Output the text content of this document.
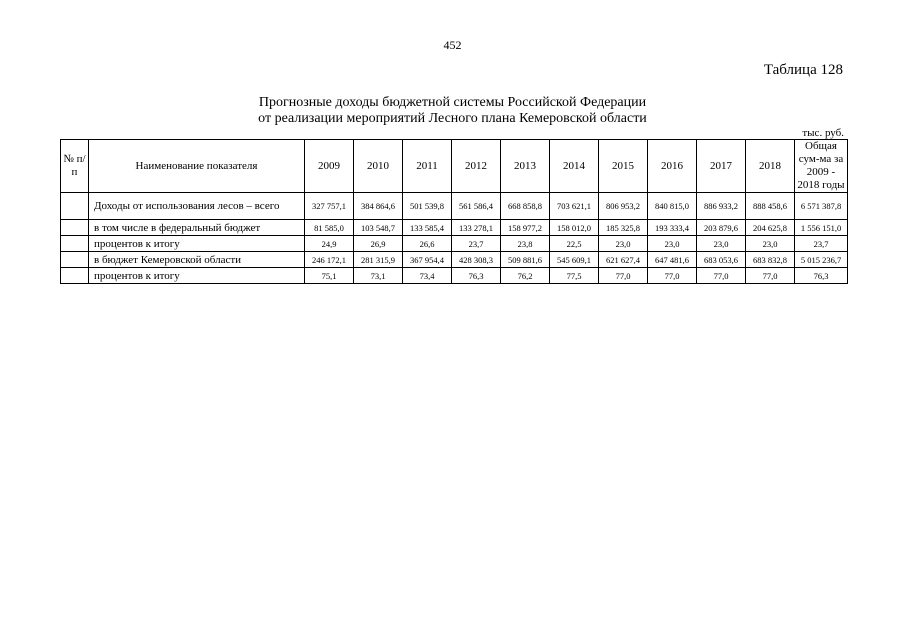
452
Таблица 128
Прогнозные доходы бюджетной системы Российской Федерации
от реализации мероприятий Лесного плана Кемеровской области
тыс. руб.
№ п/п	Наименование показателя	2009	2010	2011	2012	2013	2014	2015	2016	2017	2018	Общая сум-ма за 2009 - 2018 годы
	Доходы от использования лесов – всего	327 757,1	384 864,6	501 539,8	561 586,4	668 858,8	703 621,1	806 953,2	840 815,0	886 933,2	888 458,6	6 571 387,8
	в том числе в федеральный бюджет	81 585,0	103 548,7	133 585,4	133 278,1	158 977,2	158 012,0	185 325,8	193 333,4	203 879,6	204 625,8	1 556 151,0
	процентов к итогу	24,9	26,9	26,6	23,7	23,8	22,5	23,0	23,0	23,0	23,0	23,7
	в бюджет Кемеровской области	246 172,1	281 315,9	367 954,4	428 308,3	509 881,6	545 609,1	621 627,4	647 481,6	683 053,6	683 832,8	5 015 236,7
	процентов к итогу	75,1	73,1	73,4	76,3	76,2	77,5	77,0	77,0	77,0	77,0	76,3
